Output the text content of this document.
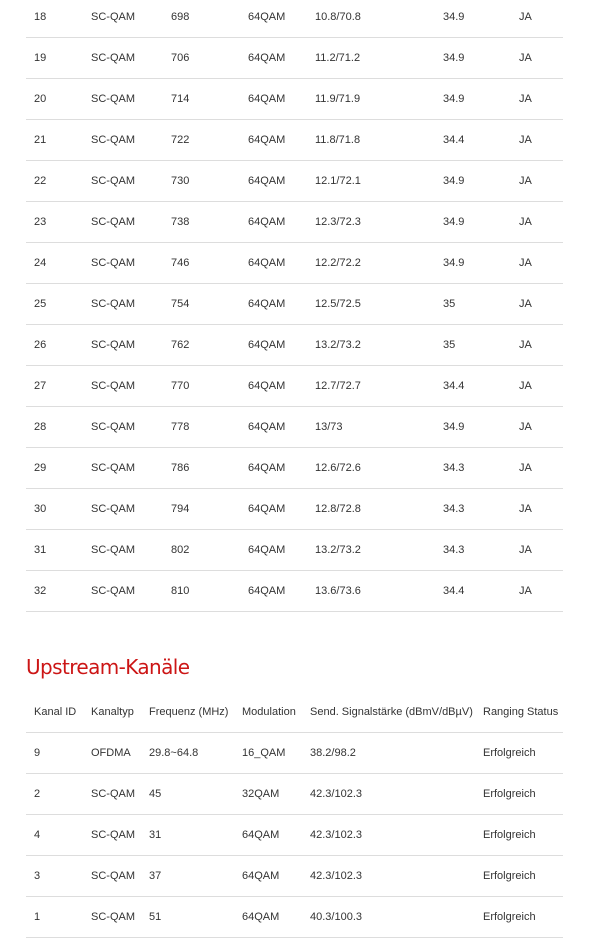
18	SC-QAM	698	64QAM	10.8/70.8	34.9	JA
19	SC-QAM	706	64QAM	11.2/71.2	34.9	JA
20	SC-QAM	714	64QAM	11.9/71.9	34.9	JA
21	SC-QAM	722	64QAM	11.8/71.8	34.4	JA
22	SC-QAM	730	64QAM	12.1/72.1	34.9	JA
23	SC-QAM	738	64QAM	12.3/72.3	34.9	JA
24	SC-QAM	746	64QAM	12.2/72.2	34.9	JA
25	SC-QAM	754	64QAM	12.5/72.5	35	JA
26	SC-QAM	762	64QAM	13.2/73.2	35	JA
27	SC-QAM	770	64QAM	12.7/72.7	34.4	JA
28	SC-QAM	778	64QAM	13/73	34.9	JA
29	SC-QAM	786	64QAM	12.6/72.6	34.3	JA
30	SC-QAM	794	64QAM	12.8/72.8	34.3	JA
31	SC-QAM	802	64QAM	13.2/73.2	34.3	JA
32	SC-QAM	810	64QAM	13.6/73.6	34.4	JA
Upstream-Kanäle
Kanal ID	Kanaltyp	Frequenz (MHz)	Modulation	Send. Signalstärke (dBmV/dBµV)	Ranging Status
9	OFDMA	29.8~64.8	16_QAM	38.2/98.2	Erfolgreich
2	SC-QAM	45	32QAM	42.3/102.3	Erfolgreich
4	SC-QAM	31	64QAM	42.3/102.3	Erfolgreich
3	SC-QAM	37	64QAM	42.3/102.3	Erfolgreich
1	SC-QAM	51	64QAM	40.3/100.3	Erfolgreich
